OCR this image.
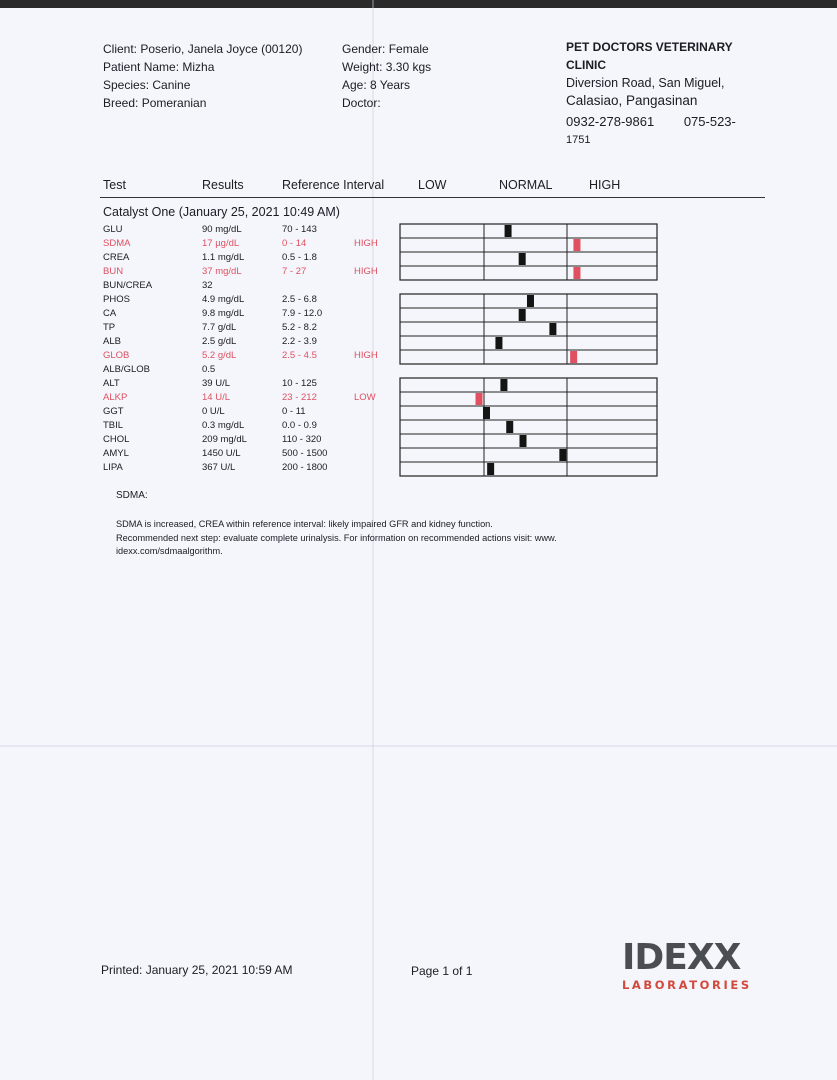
Client: Poserio, Janela Joyce (00120)
Patient Name: Mizha
Species: Canine
Breed: Pomeranian
Gender: Female
Weight: 3.30 kgs
Age: 8 Years
Doctor:
PET DOCTORS VETERINARY
CLINIC
Diversion Road, San Miguel,
Calasiao, Pangasinan
0932-278-9861 075-523-
1751
Test	Results	Reference Interval	LOW	NORMAL	HIGH
Catalyst One (January 25, 2021 10:49 AM)
GLU	90 mg/dL	70 - 143
SDMA	17 µg/dL	0 - 14	HIGH
CREA	1.1 mg/dL	0.5 - 1.8
BUN	37 mg/dL	7 - 27	HIGH
BUN/CREA	32
PHOS	4.9 mg/dL	2.5 - 6.8
CA	9.8 mg/dL	7.9 - 12.0
TP	7.7 g/dL	5.2 - 8.2
ALB	2.5 g/dL	2.2 - 3.9
GLOB	5.2 g/dL	2.5 - 4.5	HIGH
ALB/GLOB	0.5
ALT	39 U/L	10 - 125
ALKP	14 U/L	23 - 212	LOW
GGT	0 U/L	0 - 11
TBIL	0.3 mg/dL	0.0 - 0.9
CHOL	209 mg/dL	110 - 320
AMYL	1450 U/L	500 - 1500
LIPA	367 U/L	200 - 1800
SDMA:
SDMA is increased, CREA within reference interval: likely impaired GFR and kidney function.
Recommended next step: evaluate complete urinalysis. For information on recommended actions visit: www.
idexx.com/sdmaalgorithm.
Printed: January 25, 2021 10:59 AM	Page 1 of 1	IDEXX
LABORATORIES
